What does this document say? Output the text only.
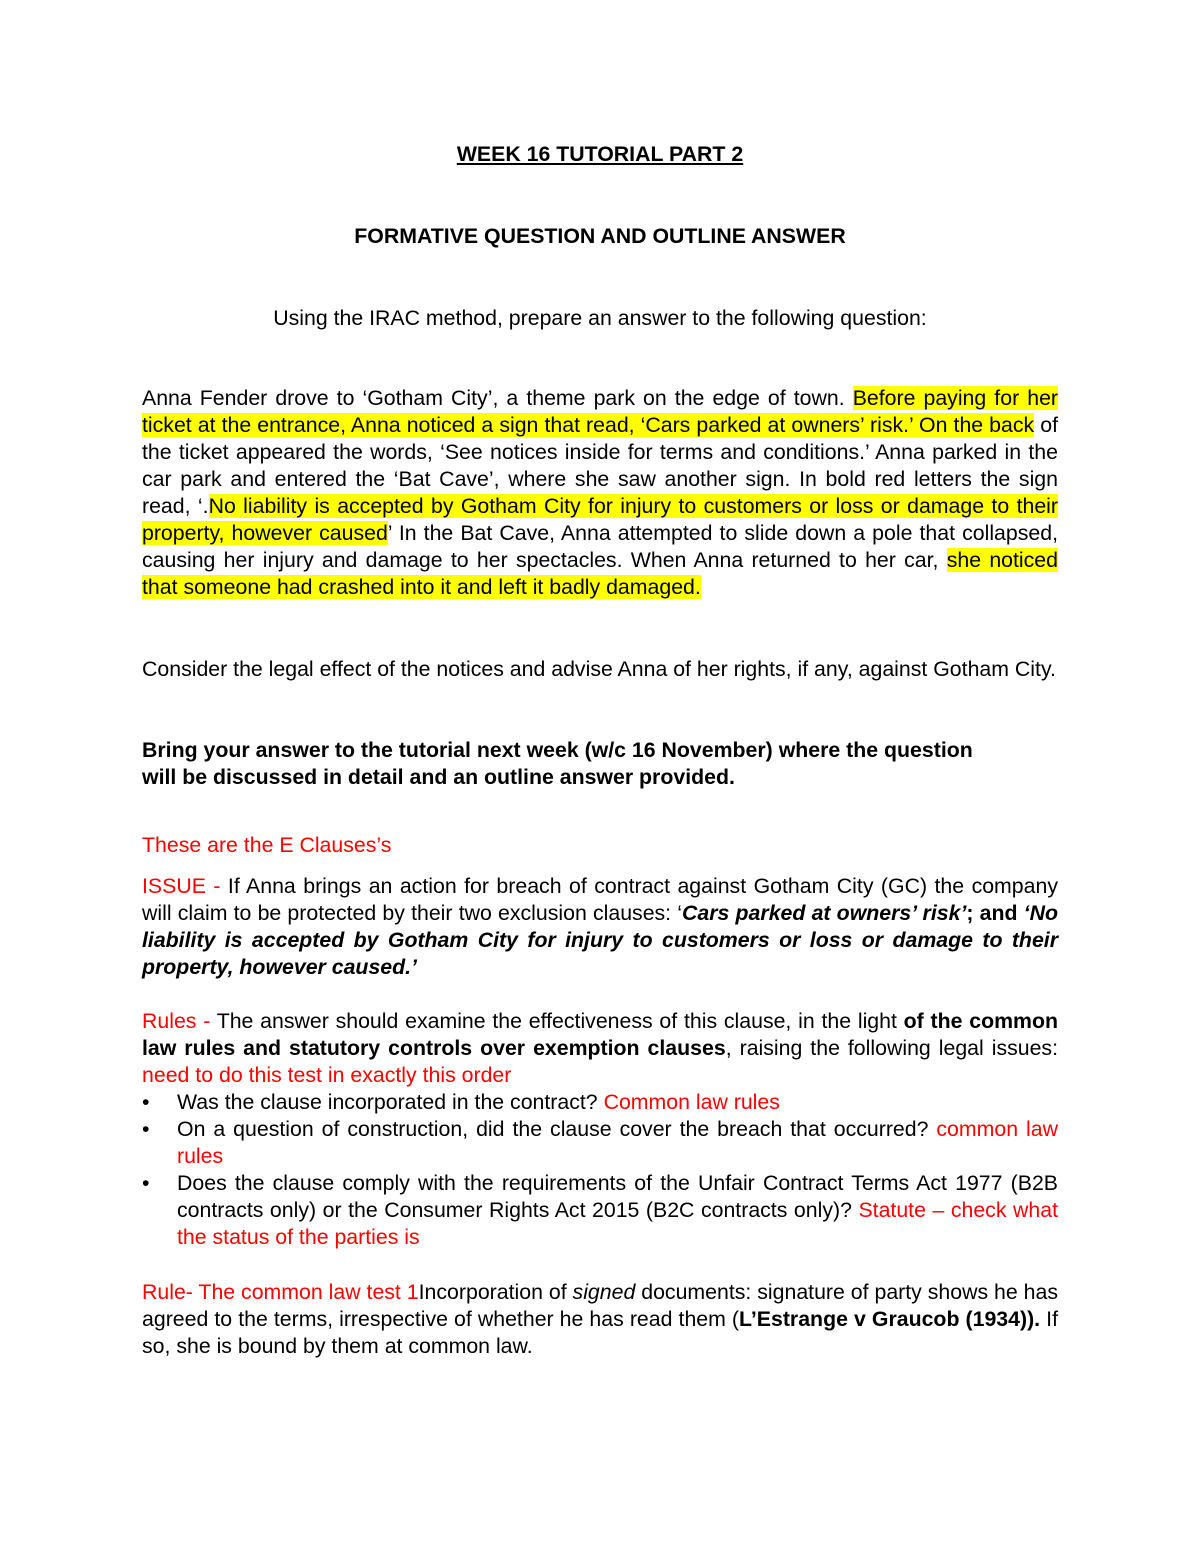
WEEK 16 TUTORIAL PART 2
FORMATIVE QUESTION AND OUTLINE ANSWER
Using the IRAC method, prepare an answer to the following question:
Anna Fender drove to ‘Gotham City’, a theme park on the edge of town. Before paying for her ticket at the entrance, Anna noticed a sign that read, ‘Cars parked at owners’ risk.’ On the back of the ticket appeared the words, ‘See notices inside for terms and conditions.’ Anna parked in the car park and entered the ‘Bat Cave’, where she saw another sign. In bold red letters the sign read, ‘.No liability is accepted by Gotham City for injury to customers or loss or damage to their property, however caused’ In the Bat Cave, Anna attempted to slide down a pole that collapsed, causing her injury and damage to her spectacles. When Anna returned to her car, she noticed that someone had crashed into it and left it badly damaged.
Consider the legal effect of the notices and advise Anna of her rights, if any, against Gotham City.
Bring your answer to the tutorial next week (w/c 16 November) where the question will be discussed in detail and an outline answer provided.
These are the E Clauses’s
ISSUE - If Anna brings an action for breach of contract against Gotham City (GC) the company will claim to be protected by their two exclusion clauses: ‘Cars parked at owners’ risk’; and ‘No liability is accepted by Gotham City for injury to customers or loss or damage to their property, however caused.’
Rules - The answer should examine the effectiveness of this clause, in the light of the common law rules and statutory controls over exemption clauses, raising the following legal issues: need to do this test in exactly this order
• Was the clause incorporated in the contract? Common law rules
• On a question of construction, did the clause cover the breach that occurred? common law rules
• Does the clause comply with the requirements of the Unfair Contract Terms Act 1977 (B2B contracts only) or the Consumer Rights Act 2015 (B2C contracts only)? Statute – check what the status of the parties is
Rule- The common law test 1Incorporation of signed documents: signature of party shows he has agreed to the terms, irrespective of whether he has read them (L’Estrange v Graucob (1934)). If so, she is bound by them at common law.
